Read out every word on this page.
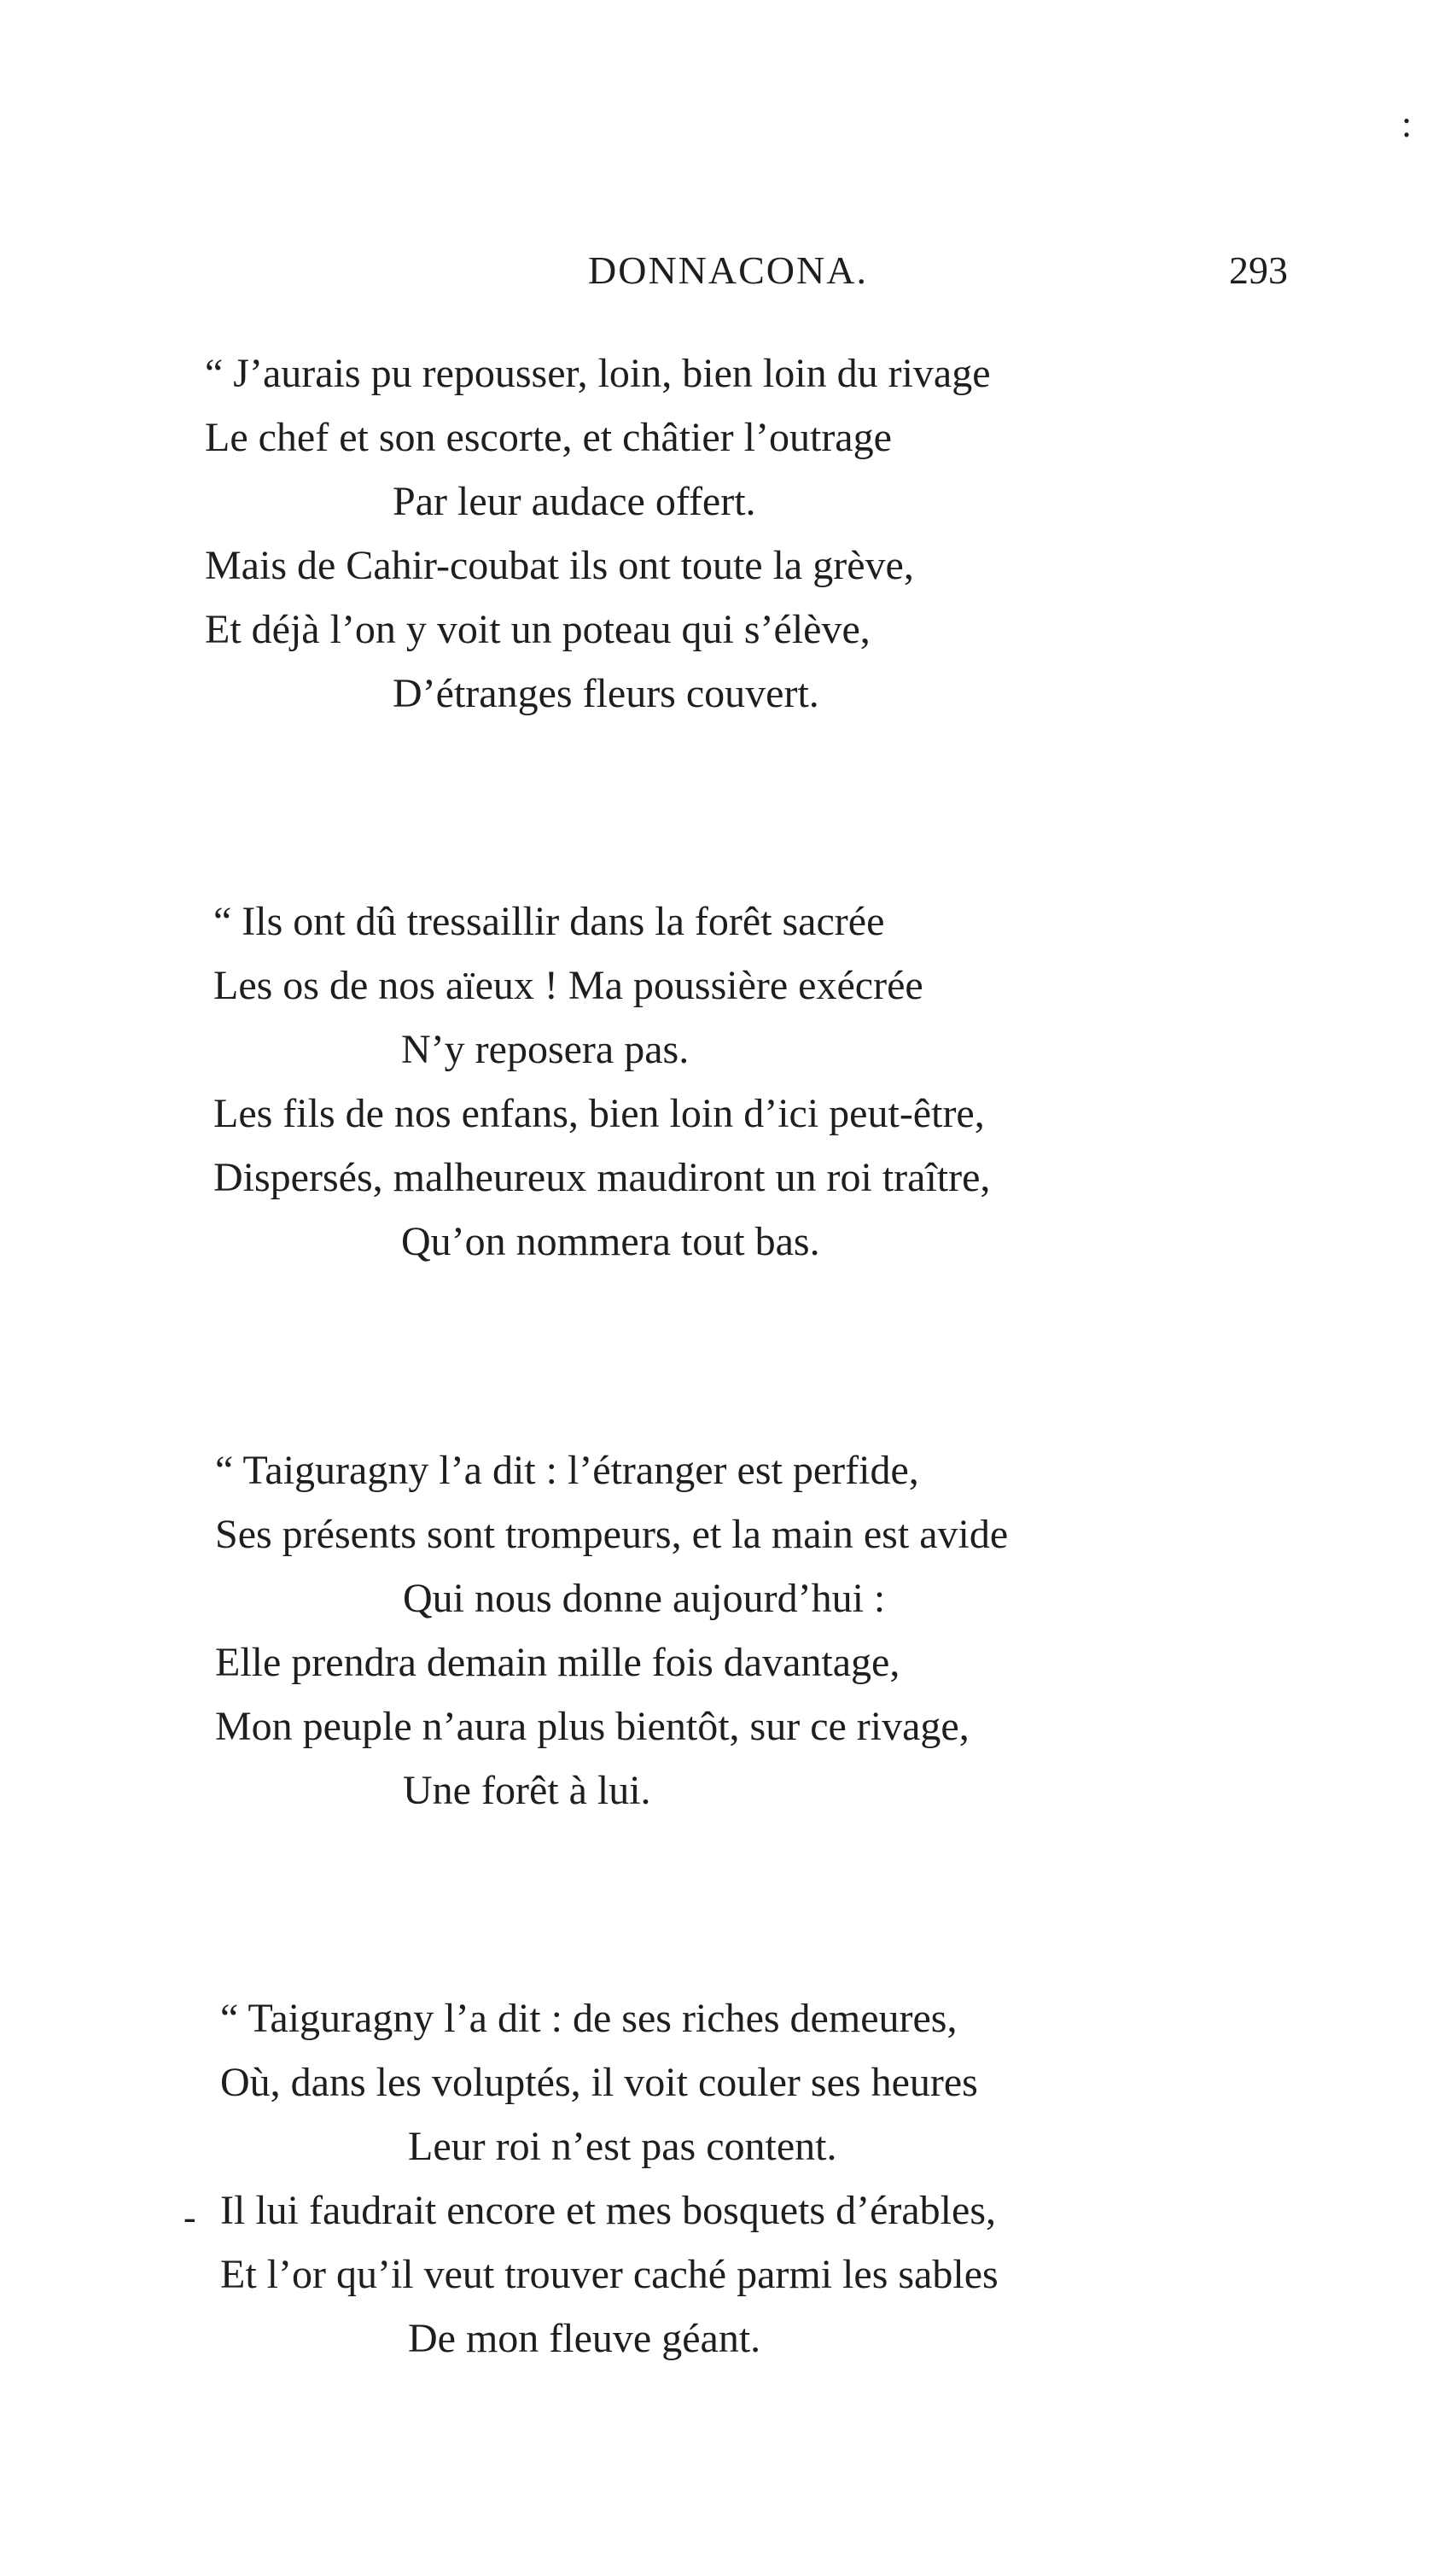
:
DONNACONA.	293
“ J’aurais pu repousser, loin, bien loin du rivage
Le chef et son escorte, et châtier l’outrage
Par leur audace offert.
Mais de Cahir-coubat ils ont toute la grève,
Et déjà l’on y voit un poteau qui s’élève,
D’étranges fleurs couvert.
“ Ils ont dû tressaillir dans la forêt sacrée
Les os de nos aïeux ! Ma poussière exécrée
N’y reposera pas.
Les fils de nos enfans, bien loin d’ici peut-être,
Dispersés, malheureux maudiront un roi traître,
Qu’on nommera tout bas.
“ Taiguragny l’a dit : l’étranger est perfide,
Ses présents sont trompeurs, et la main est avide
Qui nous donne aujourd’hui :
Elle prendra demain mille fois davantage,
Mon peuple n’aura plus bientôt, sur ce rivage,
Une forêt à lui.
-
“ Taiguragny l’a dit : de ses riches demeures,
Où, dans les voluptés, il voit couler ses heures
Leur roi n’est pas content.
Il lui faudrait encore et mes bosquets d’érables,
Et l’or qu’il veut trouver caché parmi les sables
De mon fleuve géant.
